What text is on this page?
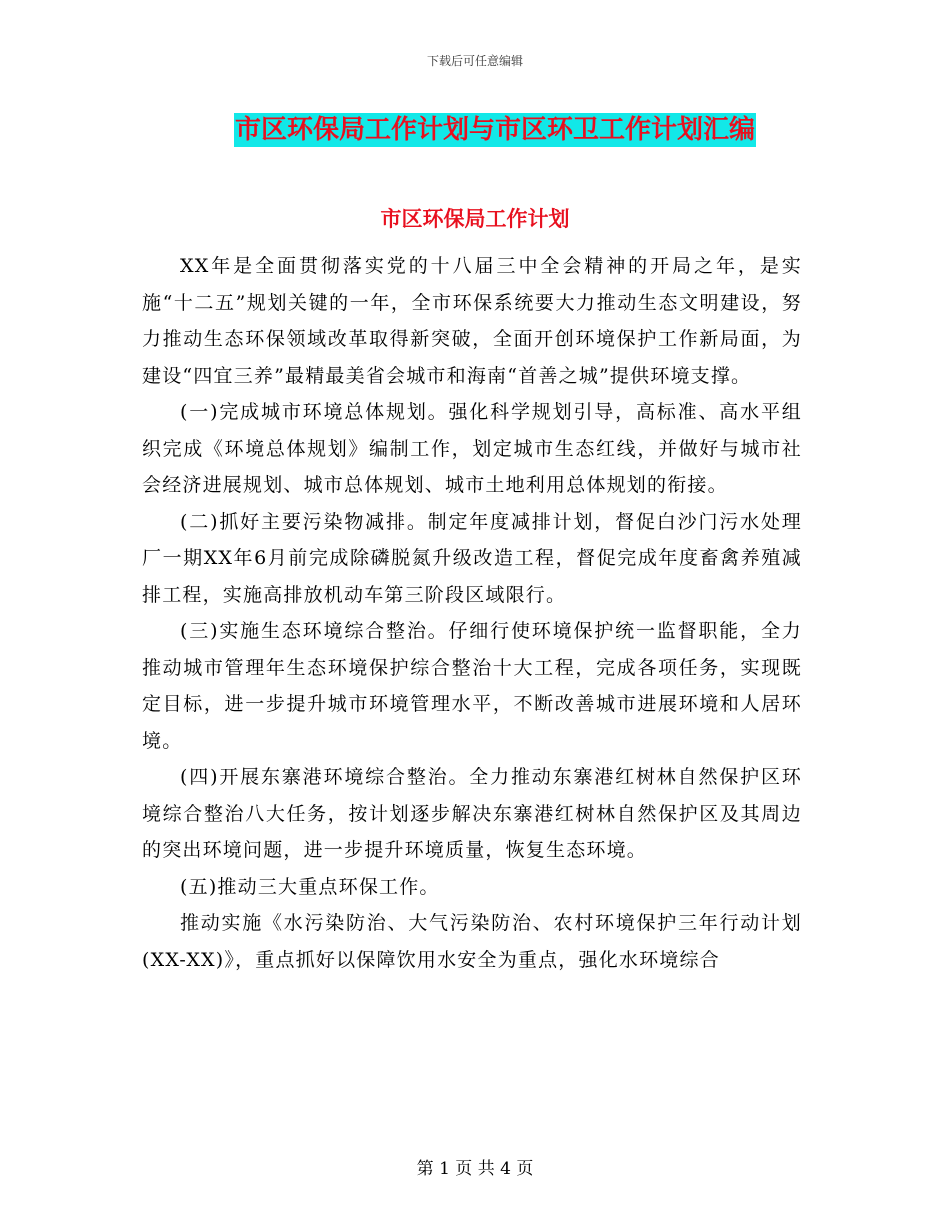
下载后可任意编辑
市区环保局工作计划与市区环卫工作计划汇编
市区环保局工作计划

XX年是全面贯彻落实党的十八届三中全会精神的开局之年，是实施“十二五”规划关键的一年，全市环保系统要大力推动生态文明建设，努力推动生态环保领域改革取得新突破，全面开创环境保护工作新局面，为建设“四宜三养”最精最美省会城市和海南“首善之城”提供环境支撑。

(一)完成城市环境总体规划。强化科学规划引导，高标准、高水平组织完成《环境总体规划》编制工作，划定城市生态红线，并做好与城市社会经济进展规划、城市总体规划、城市土地利用总体规划的衔接。

(二)抓好主要污染物减排。制定年度减排计划，督促白沙门污水处理厂一期XX年6月前完成除磷脱氮升级改造工程，督促完成年度畜禽养殖减排工程，实施高排放机动车第三阶段区域限行。

(三)实施生态环境综合整治。仔细行使环境保护统一监督职能，全力推动城市管理年生态环境保护综合整治十大工程，完成各项任务，实现既定目标，进一步提升城市环境管理水平，不断改善城市进展环境和人居环境。

(四)开展东寨港环境综合整治。全力推动东寨港红树林自然保护区环境综合整治八大任务，按计划逐步解决东寨港红树林自然保护区及其周边的突出环境问题，进一步提升环境质量，恢复生态环境。

(五)推动三大重点环保工作。

推动实施《水污染防治、大气污染防治、农村环境保护三年行动计划(XX-XX)》，重点抓好以保障饮用水安全为重点，强化水环境综合

第 1 页 共 4 页
